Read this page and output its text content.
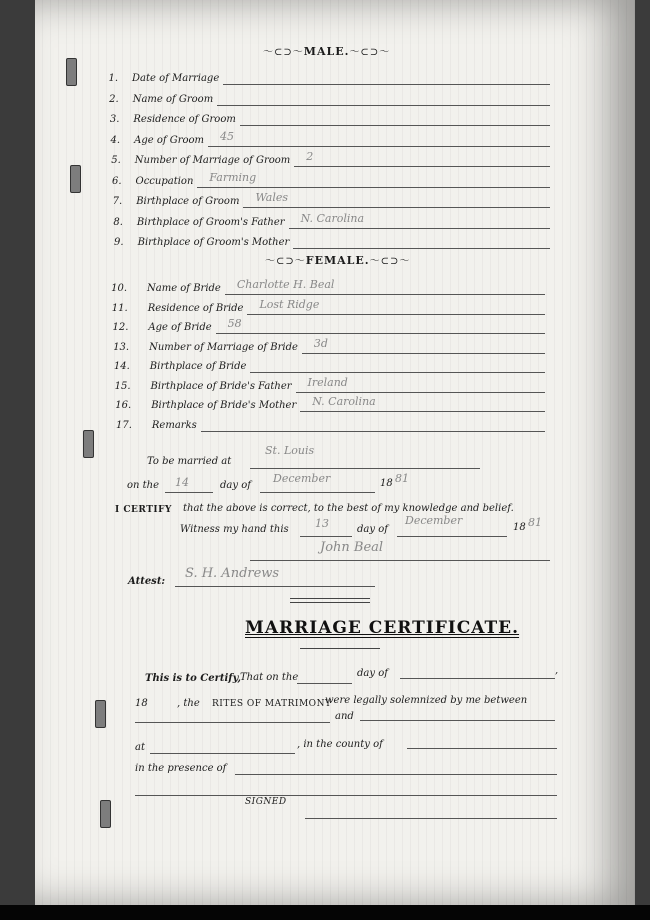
〜⊂⊃〜MALE.〜⊂⊃〜
1. Date of Marriage
2. Name of Groom
3. Residence of Groom
4. Age of Groom 45
5. Number of Marriage of Groom 2
6. Occupation Farming
7. Birthplace of Groom Wales
8. Birthplace of Groom's Father N. Carolina
9. Birthplace of Groom's Mother
〜⊂⊃〜FEMALE.〜⊂⊃〜
10. Name of Bride Charlotte H. Beal
11. Residence of Bride Lost Ridge
12. Age of Bride 58
13. Number of Marriage of Bride 3d
14. Birthplace of Bride
15. Birthplace of Bride's Father Ireland
16. Birthplace of Bride's Mother N. Carolina
17. Remarks
To be married at
St. Louis
on the 14	day of
December	18 81
I CERTIFY that the above is correct, to the best of my knowledge and belief.
Witness my hand this 13	day of
December
18 81
John Beal
Attest:
S. H. Andrews
MARRIAGE CERTIFICATE.
This is to Certify, That on the	day of	,
18	, the RITES OF MATRIMONY
were legally solemnized by me between
and
at	, in the county of
in the presence of
SIGNED
